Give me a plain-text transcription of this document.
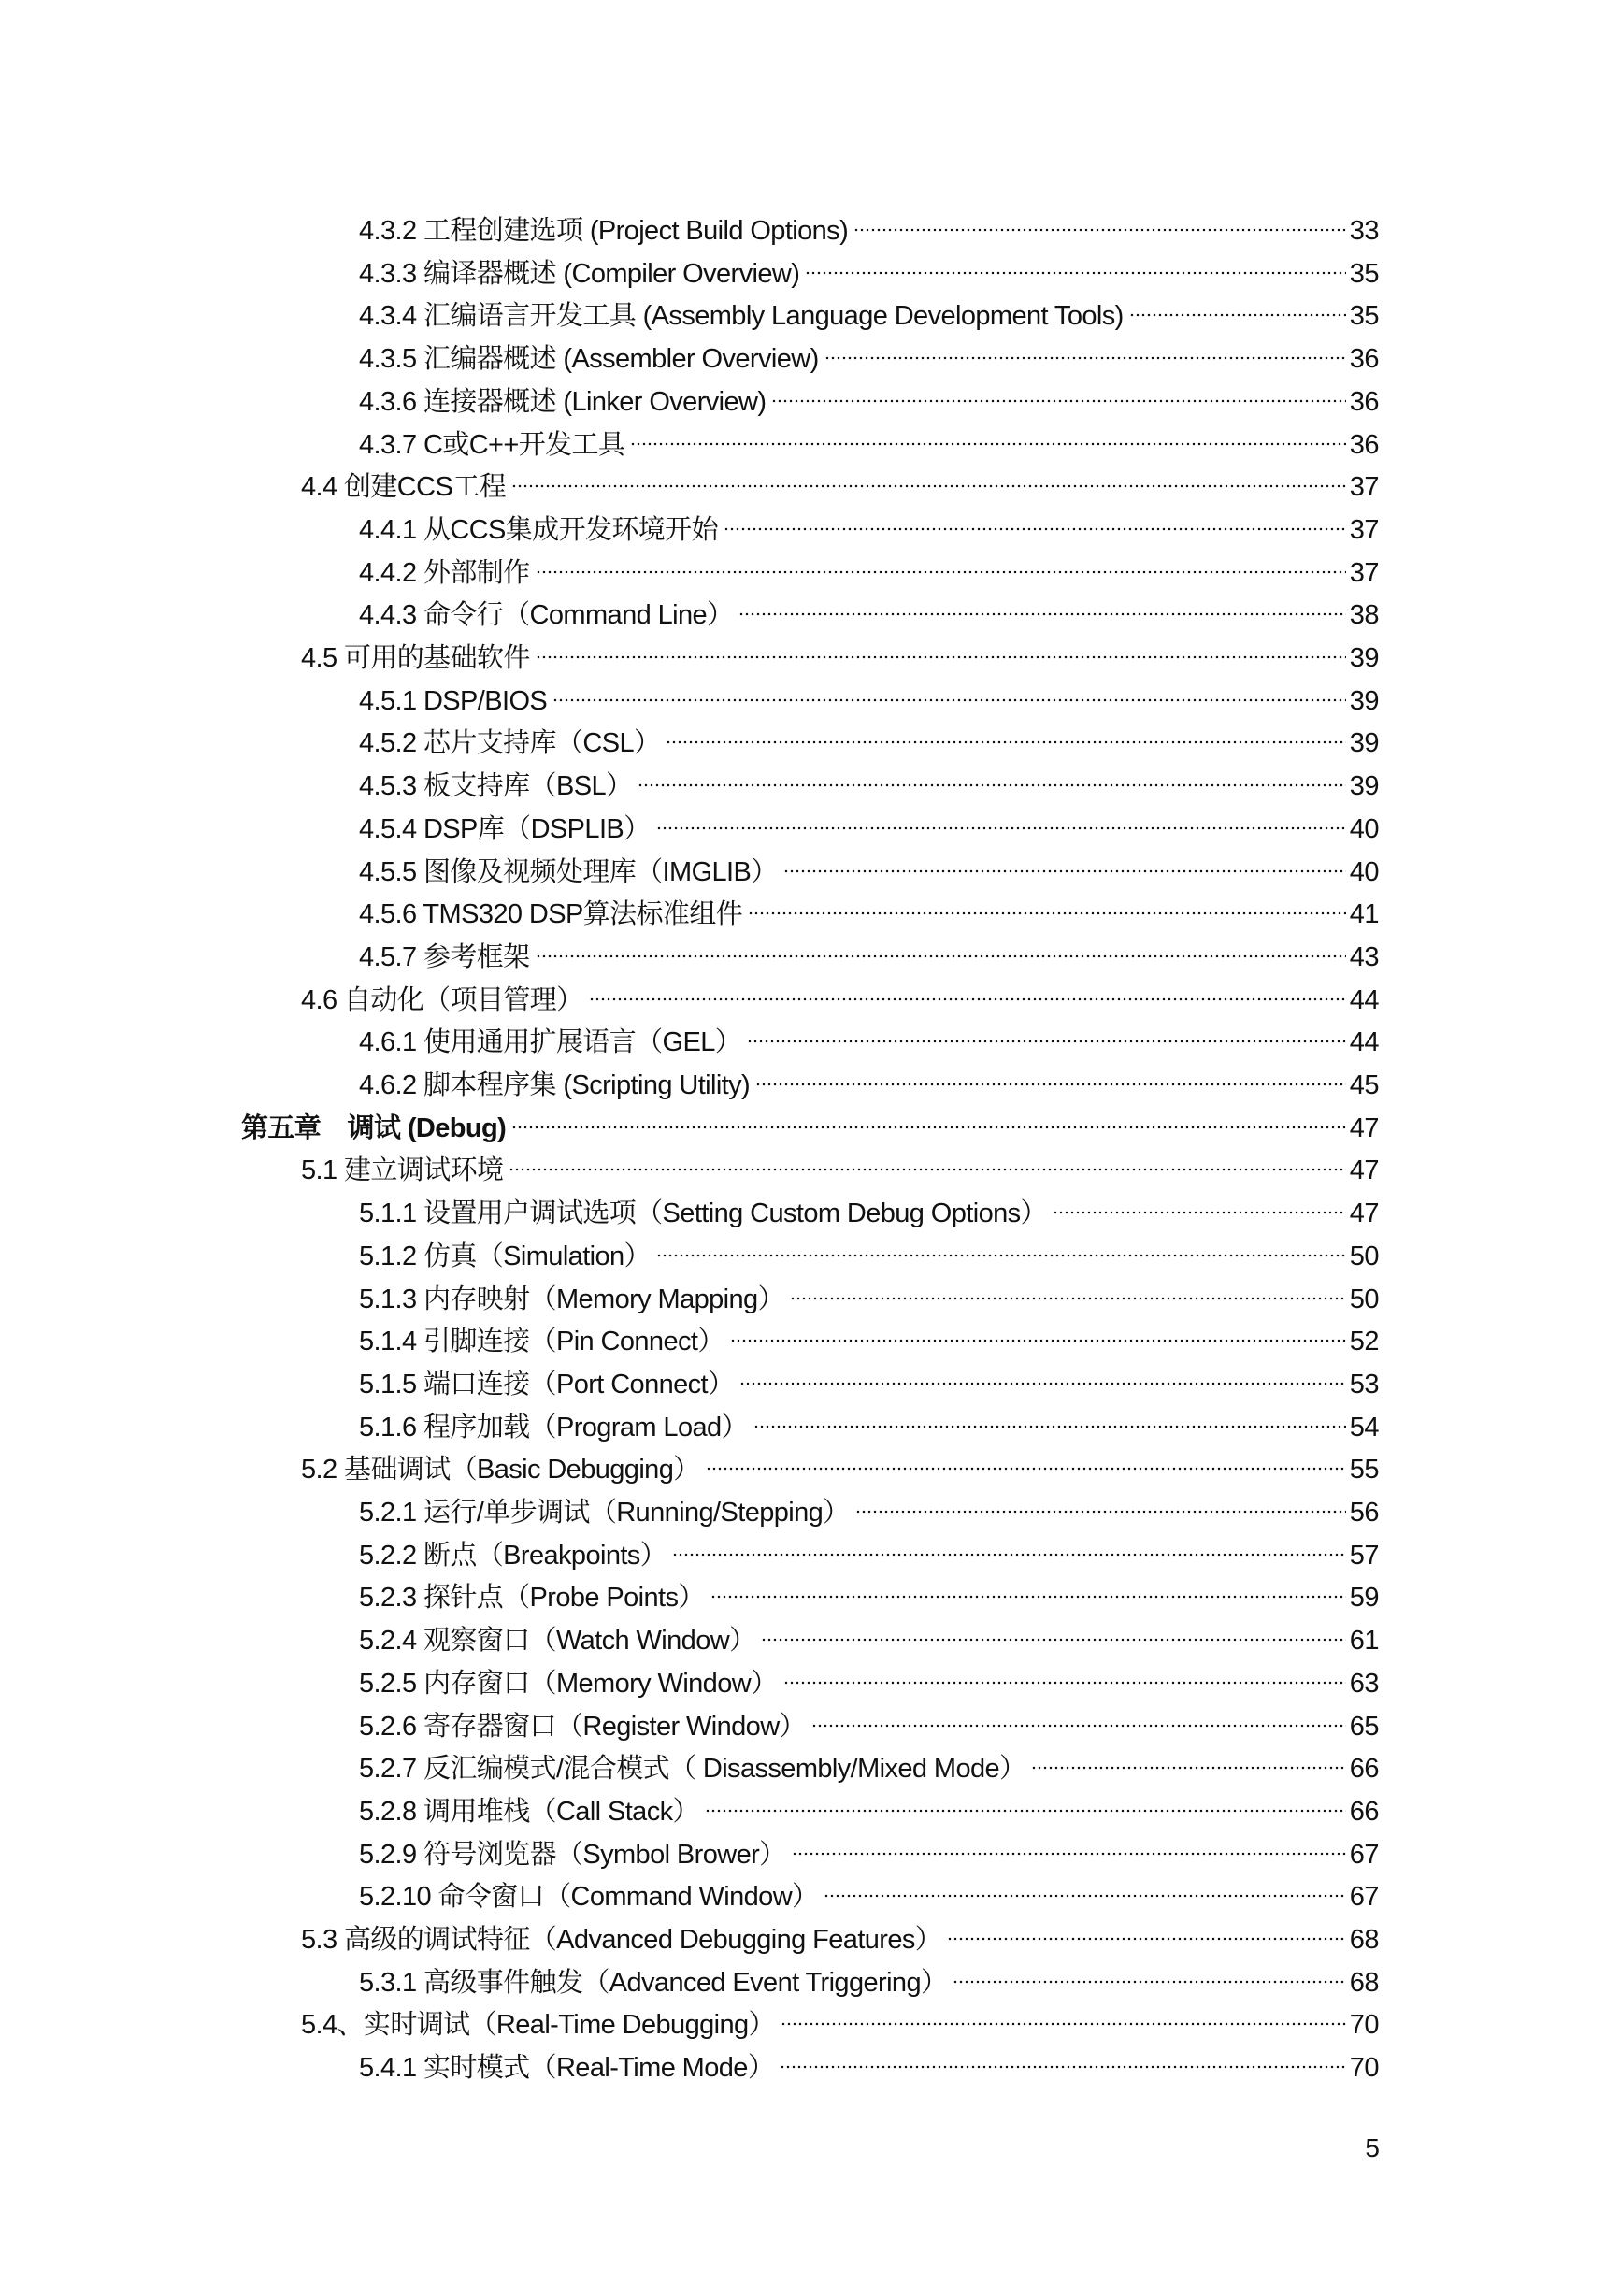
4.3.2 工程创建选项 (Project Build Options)	33
4.3.3 编译器概述 (Compiler Overview)	35
4.3.4 汇编语言开发工具 (Assembly Language Development Tools)	35
4.3.5 汇编器概述 (Assembler Overview)	36
4.3.6 连接器概述 (Linker Overview)	36
4.3.7 C或C++开发工具	36
4.4 创建CCS工程	37
4.4.1 从CCS集成开发环境开始	37
4.4.2 外部制作	37
4.4.3 命令行（Command Line）	38
4.5 可用的基础软件	39
4.5.1 DSP/BIOS	39
4.5.2 芯片支持库（CSL）	39
4.5.3 板支持库（BSL）	39
4.5.4 DSP库（DSPLIB）	40
4.5.5 图像及视频处理库（IMGLIB）	40
4.5.6 TMS320 DSP算法标准组件	41
4.5.7 参考框架	43
4.6 自动化（项目管理）	44
4.6.1 使用通用扩展语言（GEL）	44
4.6.2 脚本程序集 (Scripting Utility)	45
第五章　调试 (Debug)	47
5.1 建立调试环境	47
5.1.1 设置用户调试选项（Setting Custom Debug Options）	47
5.1.2 仿真（Simulation）	50
5.1.3 内存映射（Memory Mapping）	50
5.1.4 引脚连接（Pin Connect）	52
5.1.5 端口连接（Port Connect）	53
5.1.6 程序加载（Program Load）	54
5.2 基础调试（Basic Debugging）	55
5.2.1 运行/单步调试（Running/Stepping）	56
5.2.2 断点（Breakpoints）	57
5.2.3 探针点（Probe Points）	59
5.2.4 观察窗口（Watch Window）	61
5.2.5 内存窗口（Memory Window）	63
5.2.6 寄存器窗口（Register Window）	65
5.2.7 反汇编模式/混合模式（ Disassembly/Mixed Mode）	66
5.2.8 调用堆栈（Call Stack）	66
5.2.9 符号浏览器（Symbol Brower）	67
5.2.10 命令窗口（Command Window）	67
5.3 高级的调试特征（Advanced Debugging Features）	68
5.3.1 高级事件触发（Advanced Event Triggering）	68
5.4、实时调试（Real-Time Debugging）	70
5.4.1 实时模式（Real-Time Mode）	70
5
